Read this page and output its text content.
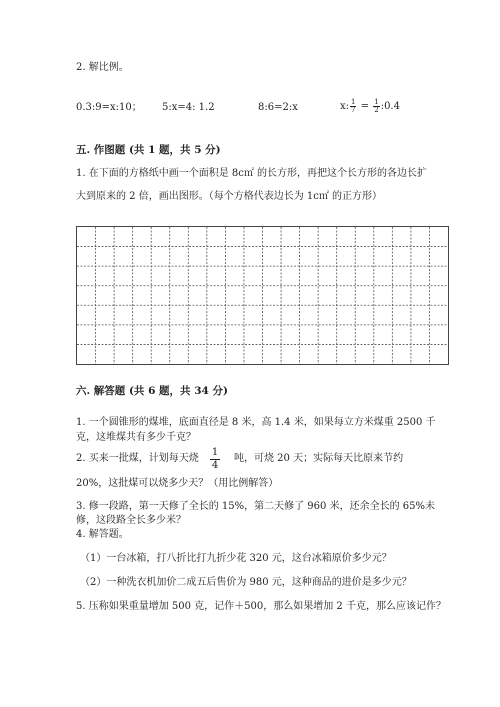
2. 解比例。
0.3:9=x:10； 5:x=4: 1.2	8:6=2:x	x: $\frac{1}{7} = \frac{1}{2}$ :0.4
五. 作图题 (共 1 题，共 5 分)
1. 在下面的方格纸中画一个面积是 8c㎡ 的长方形，再把这个长方形的各边长扩
大到原来的 2 倍，画出图形。（每个方格代表边长为 1c㎡ 的正方形）
六. 解答题 (共 6 题，共 34 分)
1. 一个圆锥形的煤堆，底面直径是 8 米，高 1.4 米，如果每立方米煤重 2500 千
克，这堆煤共有多少千克？
2. 买来一批煤，计划每天烧 $\frac{1}{4}$ 吨，可烧 20 天；实际每天比原来节约
20%，这批煤可以烧多少天？（用比例解答）
3. 修一段路，第一天修了全长的 15%，第二天修了 960 米，还余全长的 65%未
修，这段路全长多少米？
4. 解答题。
（1）一台冰箱，打八折比打九折少花 320 元，这台冰箱原价多少元？
（2）一种洗衣机加价二成五后售价为 980 元，这种商品的进价是多少元？
5. 压称如果重量增加 500 克，记作＋500，那么如果增加 2 千克，那么应该记作？
